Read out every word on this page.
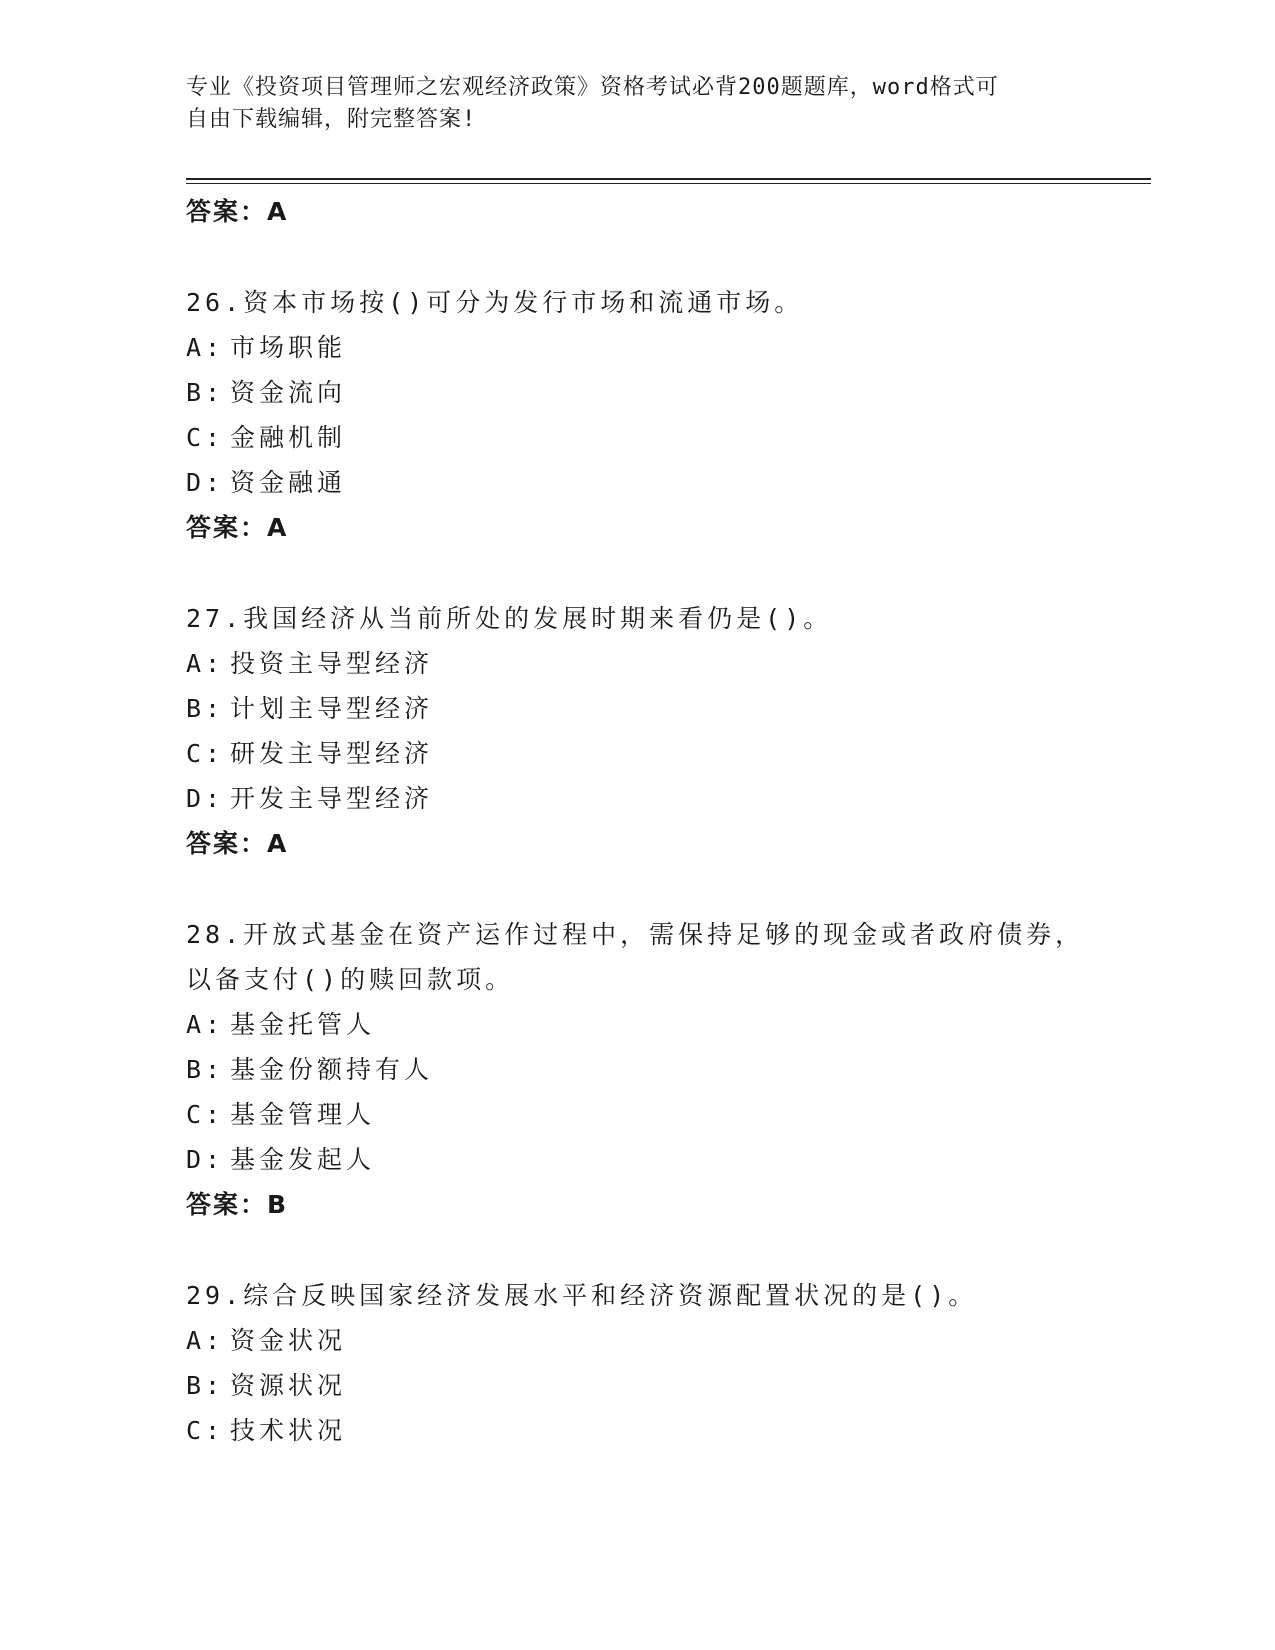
专业《投资项目管理师之宏观经济政策》资格考试必背200题题库，word格式可
自由下载编辑，附完整答案!
答案：A
26.资本市场按()可分为发行市场和流通市场。
A: 市场职能
B: 资金流向
C: 金融机制
D: 资金融通
答案：A
27.我国经济从当前所处的发展时期来看仍是()。
A: 投资主导型经济
B: 计划主导型经济
C: 研发主导型经济
D: 开发主导型经济
答案：A
28.开放式基金在资产运作过程中，需保持足够的现金或者政府债券，
以备支付()的赎回款项。
A: 基金托管人
B: 基金份额持有人
C: 基金管理人
D: 基金发起人
答案：B
29.综合反映国家经济发展水平和经济资源配置状况的是()。
A: 资金状况
B: 资源状况
C: 技术状况
